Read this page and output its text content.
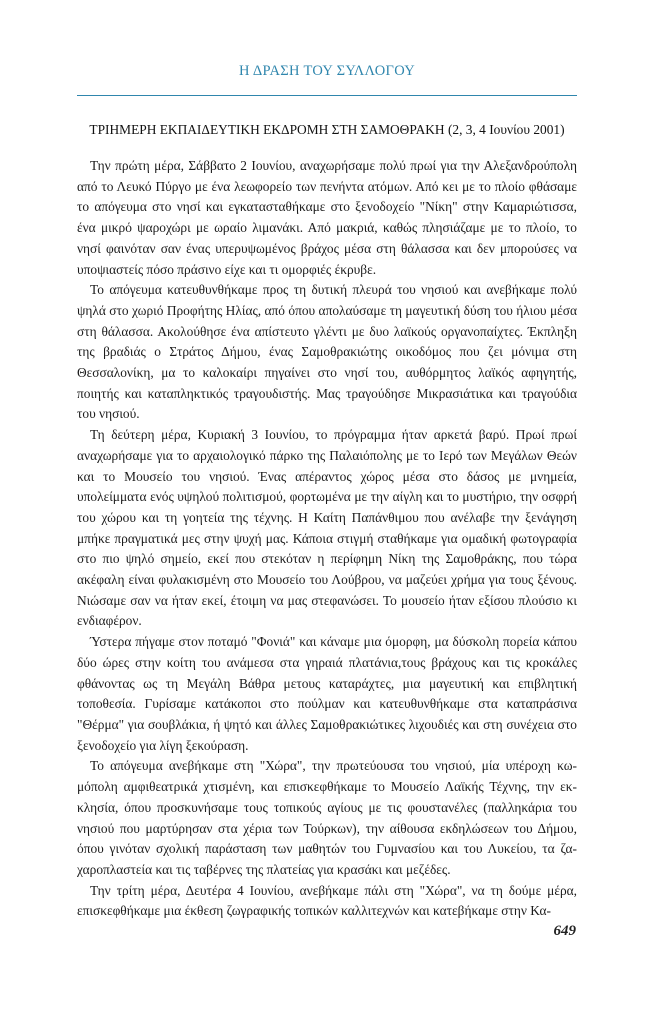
Η ΔΡΑΣΗ ΤΟΥ ΣΥΛΛΟΓΟΥ
ΤΡΙΗΜΕΡΗ ΕΚΠΑΙΔΕΥΤΙΚΗ ΕΚΔΡΟΜΗ ΣΤΗ ΣΑΜΟΘΡΑΚΗ (2, 3, 4 Ιουνίου 2001)

Την πρώτη μέρα, Σάββατο 2 Ιουνίου, αναχωρήσαμε πολύ πρωί για την Αλεξανδρούπολη από το Λευκό Πύργο με ένα λεωφορείο των πενήντα ατόμων. Από κει με το πλοίο φθάσαμε το απόγευμα στο νησί και εγκατασταθήκαμε στο ξενοδοχείο "Νίκη" στην Καμαριώτισσα, ένα μικρό ψαροχώρι με ωραίο λιμανάκι. Από μακριά, καθώς πλησιάζαμε με το πλοίο, το νησί φαινόταν σαν ένας υπερυψωμένος βράχος μέσα στη θάλασσα και δεν μπορούσες να υποψιαστείς πόσο πράσινο είχε και τι ομορφιές έκρυβε.

Το απόγευμα κατευθυνθήκαμε προς τη δυτική πλευρά του νησιού και ανεβήκαμε πολύ ψηλά στο χωριό Προφήτης Ηλίας, από όπου απολαύσαμε τη μαγευτική δύση του ήλιου μέσα στη θάλασσα. Ακολούθησε ένα απίστευτο γλέντι με δυο λαϊκούς οργανοπαίχτες. Έκπληξη της βραδιάς ο Στράτος Δήμου, ένας Σαμοθρακιώτης οικοδόμος που ζει μόνιμα στη Θεσσαλονίκη, μα το καλοκαίρι πηγαίνει στο νησί του, αυθόρμητος λαϊκός αφηγητής, ποιητής και καταπληκτικός τραγουδιστής. Μας τραγούδησε Μικρασιάτικα και τραγούδια του νησιού.

Τη δεύτερη μέρα, Κυριακή 3 Ιουνίου, το πρόγραμμα ήταν αρκετά βαρύ. Πρωί πρωί αναχωρήσαμε για το αρχαιολογικό πάρκο της Παλαιόπολης με το Ιερό των Μεγάλων Θεών και το Μουσείο του νησιού. Ένας απέραντος χώρος μέσα στο δάσος με μνημεία, υπολείμματα ενός υψηλού πολιτισμού, φορτωμένα με την αίγλη και το μυστήριο, την οσφρή του χώρου και τη γοητεία της τέχνης. Η Καίτη Παπάνθιμου που ανέλαβε την ξενάγηση μπήκε πραγματικά μες στην ψυχή μας. Κάποια στιγμή σταθήκαμε για ομαδική φωτογραφία στο πιο ψηλό σημείο, εκεί που στεκόταν η περίφημη Νίκη της Σαμοθράκης, που τώρα ακέφαλη είναι φυλακισμένη στο Μουσείο του Λούβρου, να μαζεύει χρήμα για τους ξένους. Νιώσαμε σαν να ήταν εκεί, έτοιμη να μας στεφανώσει. Το μουσείο ήταν εξίσου πλούσιο κι ενδιαφέρον.

Ύστερα πήγαμε στον ποταμό "Φονιά" και κάναμε μια όμορφη, μα δύσκολη πορεία κάπου δύο ώρες στην κοίτη του ανάμεσα στα γηραιά πλατάνια,τους βράχους και τις κροκάλες φθάνοντας ως τη Μεγάλη Βάθρα μετους καταράχτες, μια μαγευτική και επιβλητική τοποθεσία. Γυρίσαμε κατάκοποι στο πούλμαν και κατευθυνθήκαμε στα καταπράσινα "Θέρμα" για σουβλάκια, ή ψητό και άλλες Σαμοθρακιώτικες λιχουδιές και στη συνέχεια στο ξενοδοχείο για λίγη ξεκούραση.

Το απόγευμα ανεβήκαμε στη "Χώρα", την πρωτεύουσα του νησιού, μία υπέροχη κωμόπολη αμφιθεατρικά χτισμένη, και επισκεφθήκαμε το Μουσείο Λαϊκής Τέχνης, την εκκλησία, όπου προσκυνήσαμε τους τοπικούς αγίους με τις φουστανέλες (παλληκάρια του νησιού που μαρτύρησαν στα χέρια των Τούρκων), την αίθουσα εκδηλώσεων του Δήμου, όπου γινόταν σχολική παράσταση των μαθητών του Γυμνασίου και του Λυκείου, τα ζαχαροπλαστεία και τις ταβέρνες της πλατείας για κρασάκι και μεζέδες.

Την τρίτη μέρα, Δευτέρα 4 Ιουνίου, ανεβήκαμε πάλι στη "Χώρα", να τη δούμε μέρα, επισκεφθήκαμε μια έκθεση ζωγραφικής τοπικών καλλιτεχνών και κατεβήκαμε στην Κα-

649
